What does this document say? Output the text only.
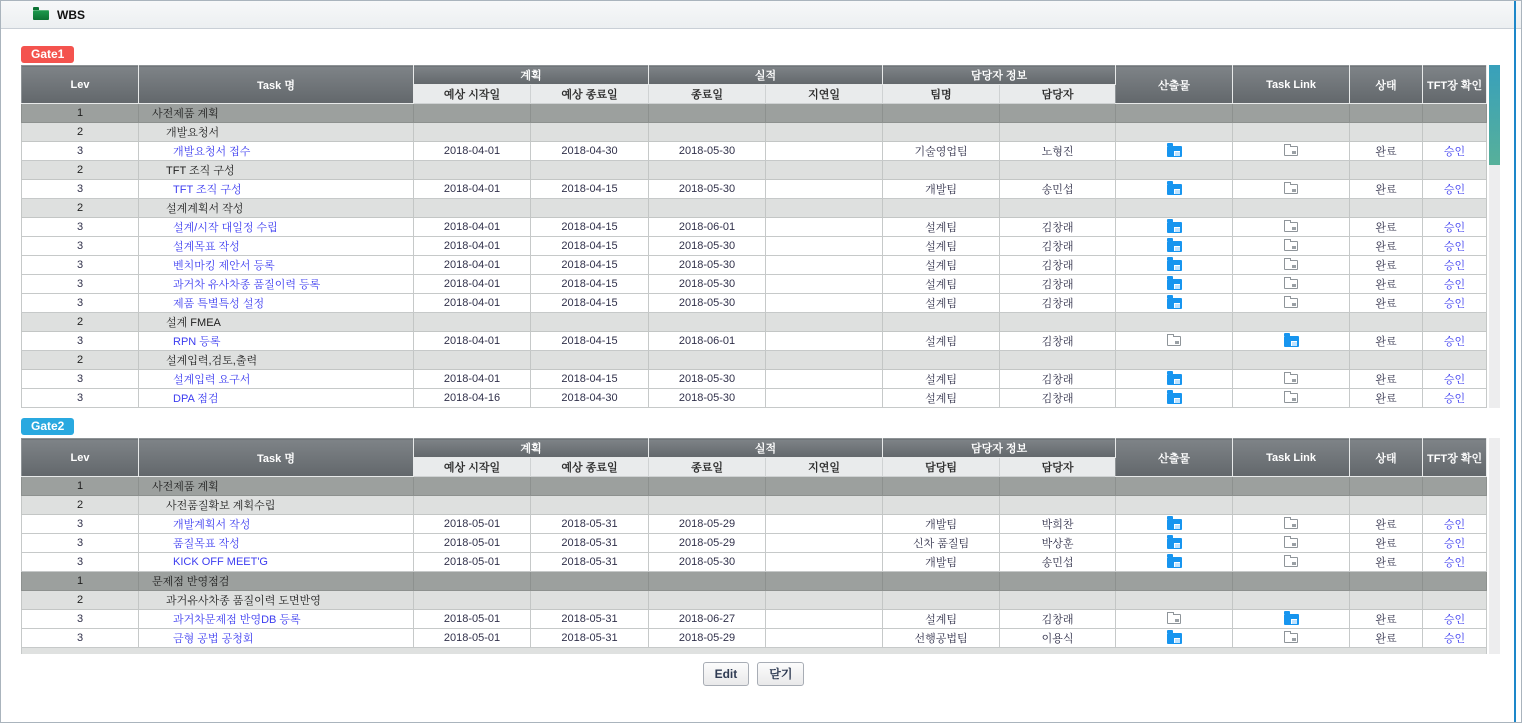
WBS
Gate1
Lev	Task 명	계획		실적		담당자 정보		산출물	Task Link	상태	TFT장 확인
		예상 시작일	예상 종료일	종료일	지연일	팀명	담당자				
1	사전제품 계획										
2	개발요청서										
3	개발요청서 접수	2018-04-01	2018-04-30	2018-05-30		기술영업팀	노형진			완료	승인
2	TFT 조직 구성										
3	TFT 조직 구성	2018-04-01	2018-04-15	2018-05-30		개발팀	송민섭			완료	승인
2	설계계획서 작성										
3	설계/시작 대일정 수립	2018-04-01	2018-04-15	2018-06-01		설계팀	김창래			완료	승인
3	설계목표 작성	2018-04-01	2018-04-15	2018-05-30		설계팀	김창래			완료	승인
3	벤치마킹 제안서 등록	2018-04-01	2018-04-15	2018-05-30		설계팀	김창래			완료	승인
3	과거차 유사차종 품질이력 등록	2018-04-01	2018-04-15	2018-05-30		설계팀	김창래			완료	승인
3	제품 특별특성 설정	2018-04-01	2018-04-15	2018-05-30		설계팀	김창래			완료	승인
2	설계 FMEA										
3	RPN 등록	2018-04-01	2018-04-15	2018-06-01		설계팀	김창래			완료	승인
2	설계입력,검토,출력										
3	설계입력 요구서	2018-04-01	2018-04-15	2018-05-30		설계팀	김창래			완료	승인
3	DPA 점검	2018-04-16	2018-04-30	2018-05-30		설계팀	김창래			완료	승인
Gate2
Lev	Task 명	계획		실적		담당자 정보		산출물	Task Link	상태	TFT장 확인
		예상 시작일	예상 종료일	종료일	지연일	담당팀	담당자				
1	사전제품 계획										
2	사전품질확보 계획수립										
3	개발계획서 작성	2018-05-01	2018-05-31	2018-05-29		개발팀	박희찬			완료	승인
3	품질목표 작성	2018-05-01	2018-05-31	2018-05-29		신차 품질팀	박상훈			완료	승인
3	KICK OFF MEET'G	2018-05-01	2018-05-31	2018-05-30		개발팀	송민섭			완료	승인
1	문제점 반영점검										
2	과거유사차종 품질이력 도면반영										
3	과거차문제점 반영DB 등록	2018-05-01	2018-05-31	2018-06-27		설계팀	김창래			완료	승인
3	금형 공법 공청회	2018-05-01	2018-05-31	2018-05-29		선행공법팀	이용식			완료	승인
Edit	닫기
